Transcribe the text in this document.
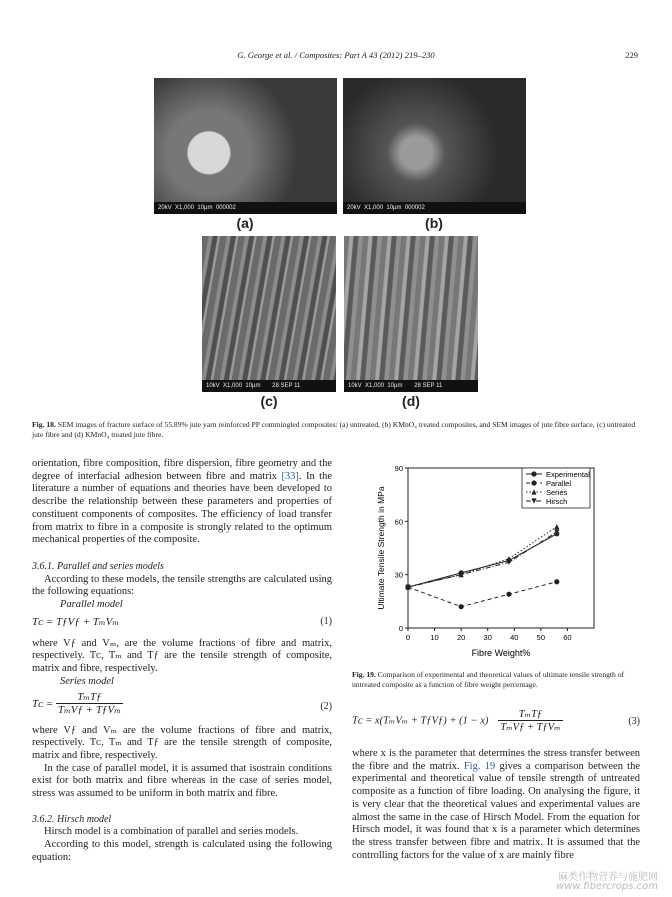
G. George et al. / Composites: Part A 43 (2012) 219–230	229
20kV  X1,000  10µm  000002	20kV  X1,000  10µm  000002
(a)	(b)
10kV  X1,000  10µm       28 SEP 11	10kV  X1,000  10µm       28 SEP 11
(c)	(d)
Fig. 18. SEM images of fracture surface of 55.89% jute yarn reinforced PP commingled composites: (a) untreated, (b) KMnO₄ treated composites, and SEM images of jute fibre surface, (c) untreated jute fibre and (d) KMnO₄ treated jute fibre.

orientation, fibre composition, fibre dispersion, fibre geometry and the degree of interfacial adhesion between fibre and matrix [33]. In the literature a number of equations and theories have been developed to describe the relationship between these parameters and properties of constituent components of composites. The efficiency of load transfer from matrix to fibre in a composite is strongly related to the optimum mechanical properties of the composite.

3.6.1. Parallel and series models

According to these models, the tensile strengths are calculated using the following equations:

Parallel model

Tᴄ = TƒVƒ + TₘVₘ	(1)

where Vƒ and Vₘ, are the volume fractions of fibre and matrix, respectively. Tᴄ, Tₘ and Tƒ are the tensile strength of composite, matrix and fibre, respectively.

Series model

Tᴄ = $\frac{\text{TₘTƒ}}{\text{TₘVƒ + TƒVₘ}}$	(2)

where Vƒ and Vₘ are the volume fractions of fibre and matrix, respectively. Tᴄ, Tₘ and Tƒ are the tensile strength of composite, matrix and fibre, respectively.

In the case of parallel model, it is assumed that isostrain conditions exist for both matrix and fibre whereas in the case of series model, stress was assumed to be uniform in both matrix and fibre.

3.6.2. Hirsch model

Hirsch model is a combination of parallel and series models.

According to this model, strength is calculated using the following equation:

0	10 20 30 40 50 60
0
30
60
90
Fibre Weight%
Ultimate Tensile Strength in MPa
Experimental
Parallel
Series
Hirsch
Fig. 19. Comparison of experimental and theoretical values of ultimate tensile strength of untreated composite as a function of fibre weight percentage.
Tᴄ = x(TₘVₘ + TƒVƒ) + $(1 - x) \frac{\text{TₘTƒ}}{\text{TₘVƒ + TƒVₘ}}$	(3)

where x is the parameter that determines the stress transfer between the fibre and the matrix. Fig. 19 gives a comparison between the experimental and theoretical value of tensile strength of untreated composite as a function of fibre loading. On analysing the figure, it is very clear that the theoretical values and experimental values are almost the same in the case of Hirsch Model. From the equation for Hirsch model, it was found that x is a parameter which determines the stress transfer between fibre and matrix. It is assumed that the controlling factors for the value of x are mainly fibre

麻类作物营养与施肥网
www.fibercrops.com
